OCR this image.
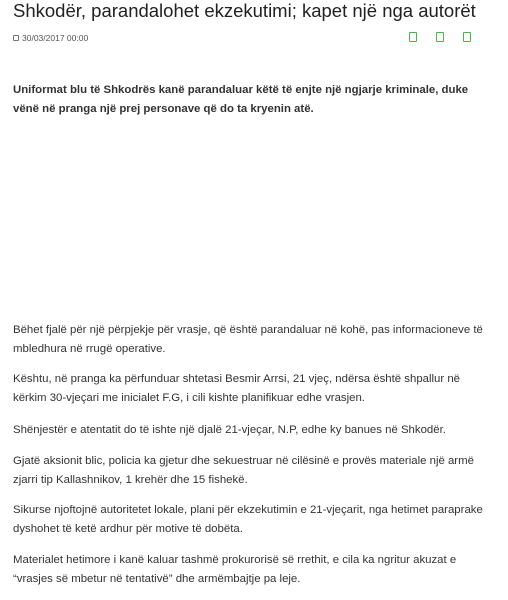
Shkodër, parandalohet ekzekutimi; kapet një nga autorët
30/03/2017 00:00

Uniformat blu të Shkodrës kanë parandaluar këtë të enjte një ngjarje kriminale, duke vënë në pranga një prej personave që do ta kryenin atë.

Bëhet fjalë për një përpjekje për vrasje, që është parandaluar në kohë, pas informacioneve të mbledhura në rrugë operative.

Kështu, në pranga ka përfunduar shtetasi Besmir Arrsi, 21 vjeç, ndërsa është shpallur në kërkim 30-vjeçari me inicialet F.G, i cili kishte planifikuar edhe vrasjen.

Shënjestër e atentatit do të ishte një djalë 21-vjeçar, N.P, edhe ky banues në Shkodër.

Gjatë aksionit blic, policia ka gjetur dhe sekuestruar në cilësinë e provës materiale një armë zjarri tip Kallashnikov, 1 krehër dhe 15 fishekë.

Sikurse njoftojnë autoritetet lokale, plani për ekzekutimin e 21-vjeçarit, nga hetimet paraprake dyshohet të ketë ardhur për motive të dobëta.

Materialet hetimore i kanë kaluar tashmë prokurorisë së rrethit, e cila ka ngritur akuzat e “vrasjes së mbetur në tentativë” dhe armëmbajtje pa leje.
